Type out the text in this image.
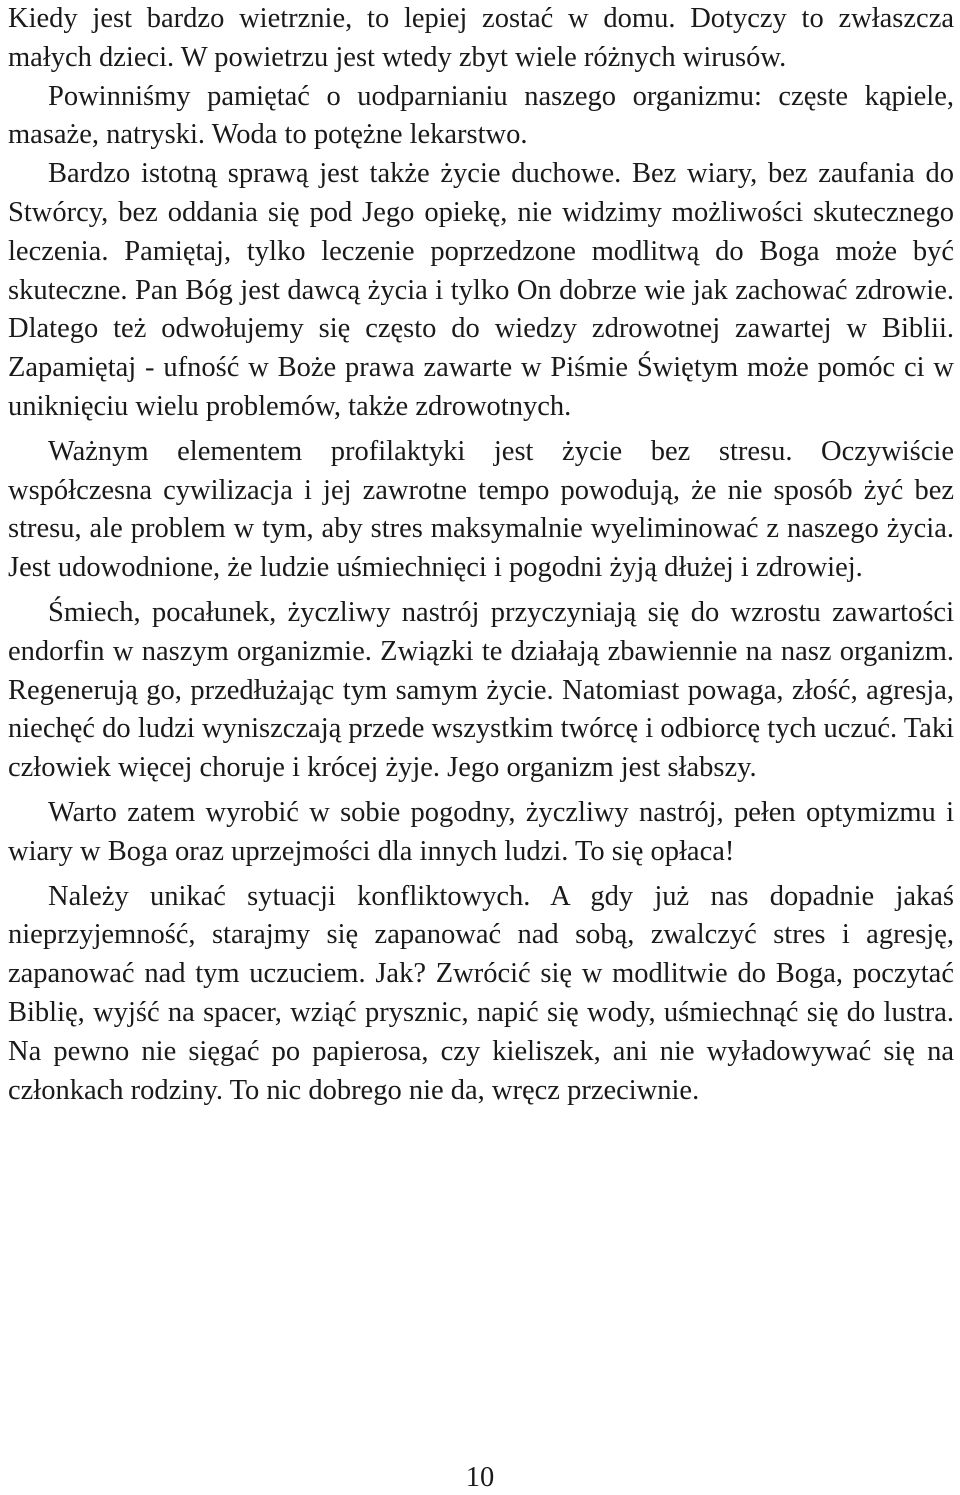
Kiedy jest bardzo wietrznie, to lepiej zostać w domu. Dotyczy to zwłaszcza małych dzieci. W powietrzu jest wtedy zbyt wiele różnych wirusów.

Powinniśmy pamiętać o uodparnianiu naszego organizmu: częste kąpiele, masaże, natryski. Woda to potężne lekarstwo.

Bardzo istotną sprawą jest także życie duchowe. Bez wiary, bez zaufania do Stwórcy, bez oddania się pod Jego opiekę, nie widzimy możliwości skutecznego leczenia. Pamiętaj, tylko leczenie poprzedzone modlitwą do Boga może być skuteczne. Pan Bóg jest dawcą życia i tylko On dobrze wie jak zachować zdrowie. Dlatego też odwołujemy się często do wiedzy zdrowotnej zawartej w Biblii. Zapamiętaj - ufność w Boże prawa zawarte w Piśmie Świętym może pomóc ci w uniknięciu wielu problemów, także zdrowotnych.

Ważnym elementem profilaktyki jest życie bez stresu. Oczywiście współczesna cywilizacja i jej zawrotne tempo powodują, że nie sposób żyć bez stresu, ale problem w tym, aby stres maksymalnie wyeliminować z naszego życia. Jest udowodnione, że ludzie uśmiechnięci i pogodni żyją dłużej i zdrowiej.

Śmiech, pocałunek, życzliwy nastrój przyczyniają się do wzrostu zawartości endorfin w naszym organizmie. Związki te działają zbawiennie na nasz organizm. Regenerują go, przedłużając tym samym życie. Natomiast powaga, złość, agresja, niechęć do ludzi wyniszczają przede wszystkim twórcę i odbiorcę tych uczuć. Taki człowiek więcej choruje i krócej żyje. Jego organizm jest słabszy.

Warto zatem wyrobić w sobie pogodny, życzliwy nastrój, pełen optymizmu i wiary w Boga oraz uprzejmości dla innych ludzi. To się opłaca!

Należy unikać sytuacji konfliktowych. A gdy już nas dopadnie jakaś nieprzyjemność, starajmy się zapanować nad sobą, zwalczyć stres i agresję, zapanować nad tym uczuciem. Jak? Zwrócić się w modlitwie do Boga, poczytać Biblię, wyjść na spacer, wziąć prysznic, napić się wody, uśmiechnąć się do lustra. Na pewno nie sięgać po papierosa, czy kieliszek, ani nie wyładowywać się na członkach rodziny. To nic dobrego nie da, wręcz przeciwnie.

10
